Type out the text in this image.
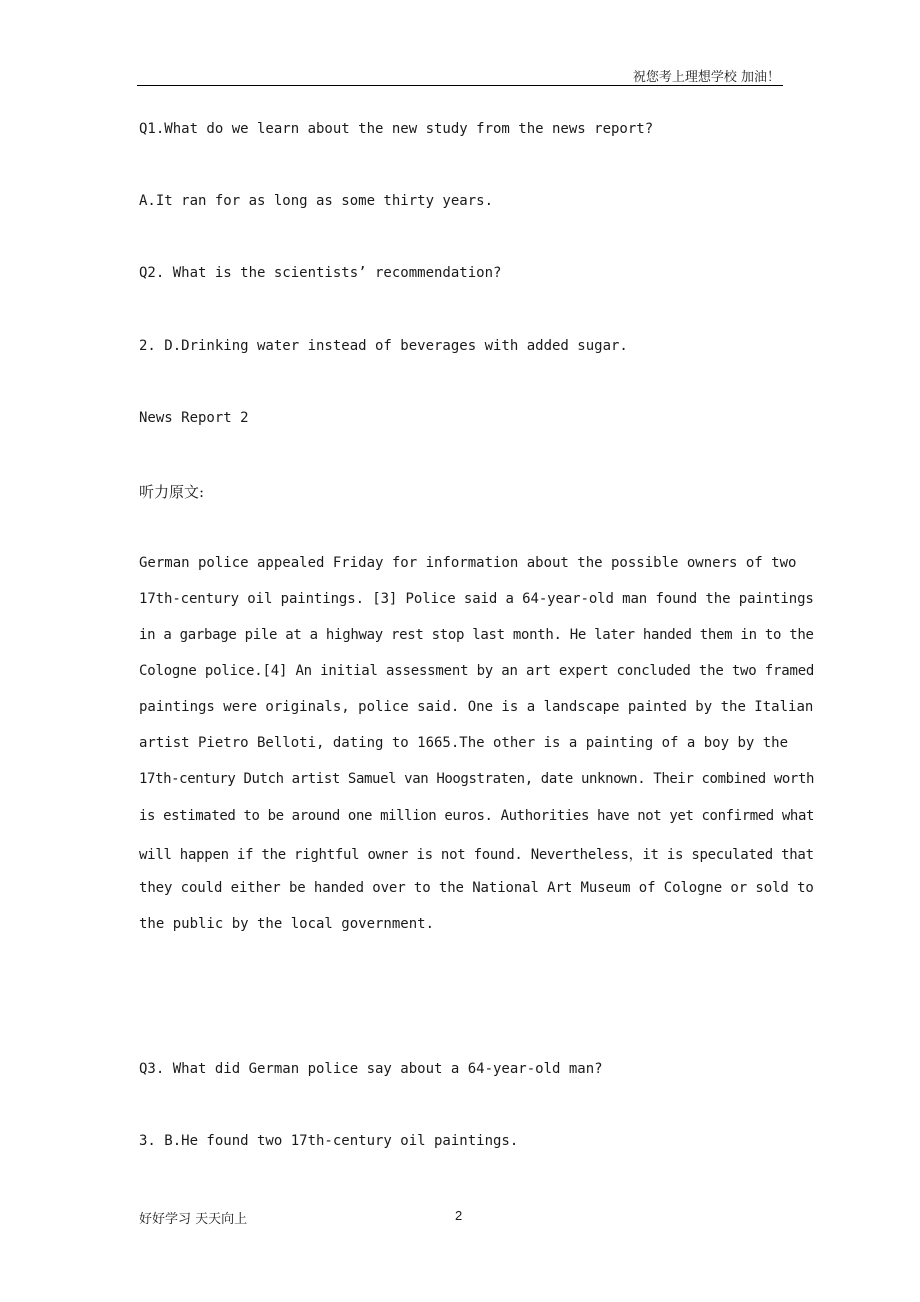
祝您考上理想学校 加油！
Q1.What do we learn about the new study from the news report?
A.It ran for as long as some thirty years.
Q2. What is the scientists’ recommendation?
2. D.Drinking water instead of beverages with added sugar.
News Report 2
听力原文:
German police appealed Friday for information about the possible owners of two
17th-century oil paintings. [3] Police said a 64-year-old man found the paintings
in a garbage pile at a highway rest stop last month. He later handed them in to the
Cologne police.[4] An initial assessment by an art expert concluded the two framed
paintings were originals, police said. One is a landscape painted by the Italian
artist Pietro Belloti, dating to 1665.The other is a painting of a boy by the
17th-century Dutch artist Samuel van Hoogstraten, date unknown. Their combined worth
is estimated to be around one million euros. Authorities have not yet confirmed what
will happen if the rightful owner is not found. Nevertheless，it is speculated that
they could either be handed over to the National Art Museum of Cologne or sold to
the public by the local government.
Q3. What did German police say about a 64-year-old man?
3. B.He found two 17th-century oil paintings.
好好学习 天天向上	2
